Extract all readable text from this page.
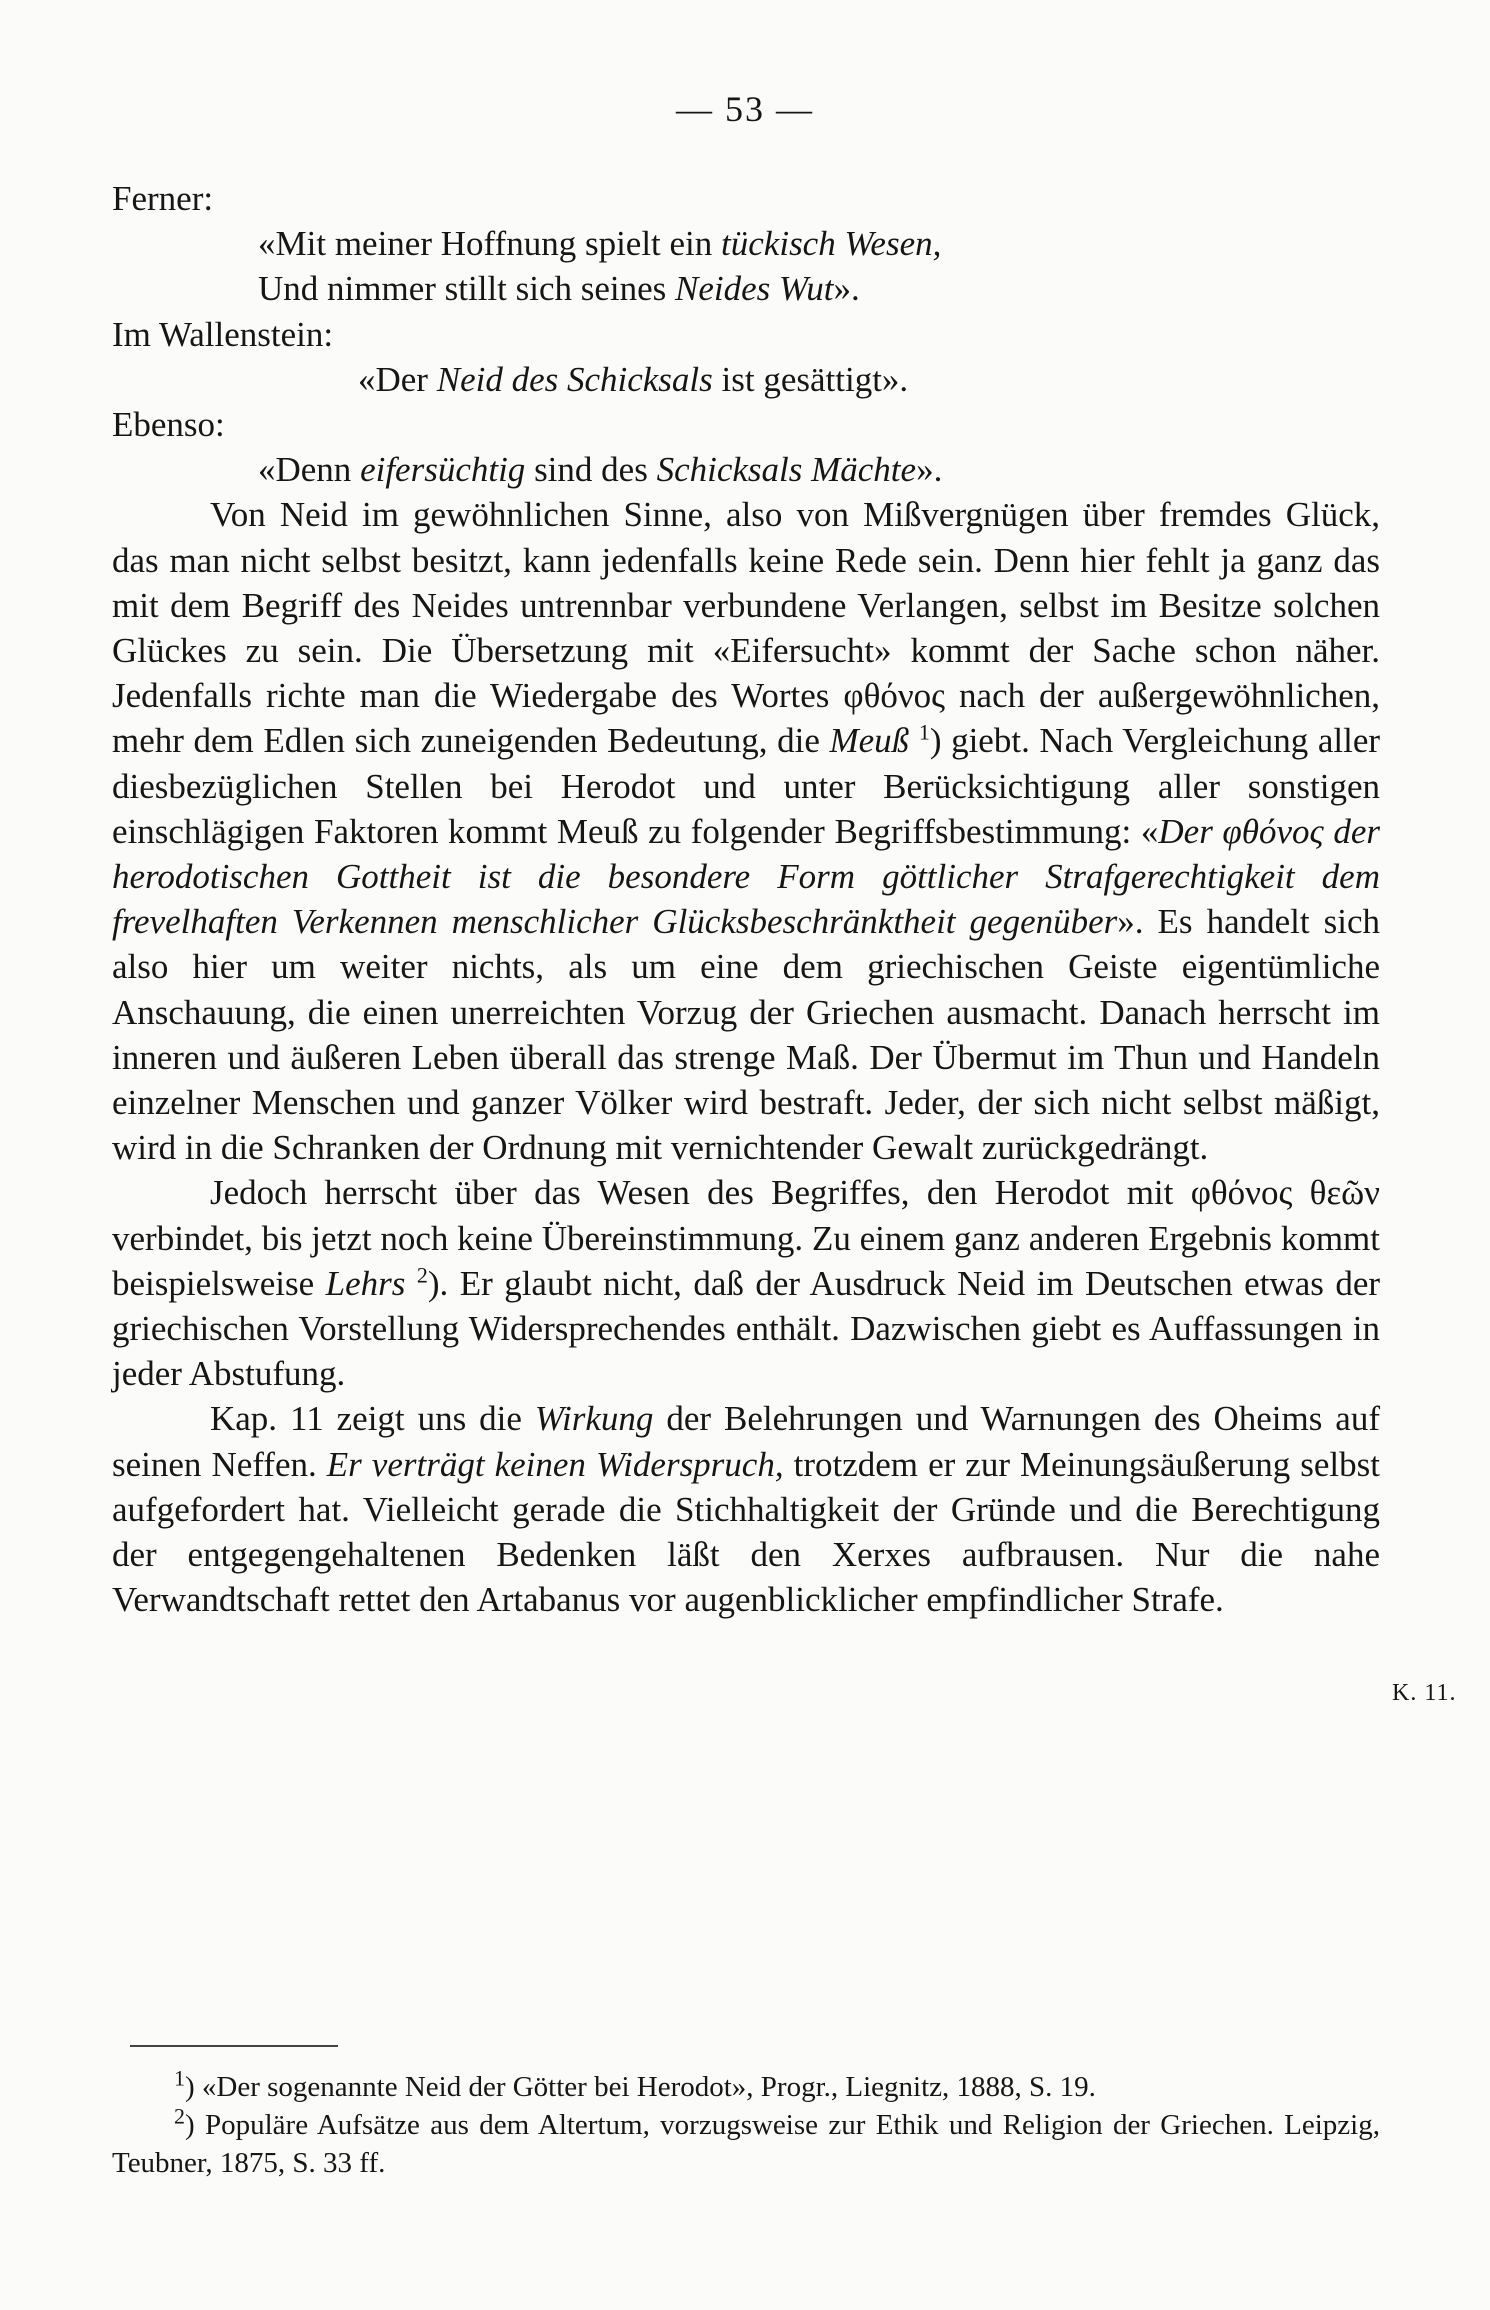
— 53 —

Ferner:

«Mit meiner Hoffnung spielt ein tückisch Wesen,

Und nimmer stillt sich seines Neides Wut».

Im Wallenstein:

«Der Neid des Schicksals ist gesättigt».

Ebenso:

«Denn eifersüchtig sind des Schicksals Mächte».

Von Neid im gewöhnlichen Sinne, also von Mißvergnügen über fremdes Glück, das man nicht selbst besitzt, kann jedenfalls keine Rede sein. Denn hier fehlt ja ganz das mit dem Begriff des Neides untrennbar verbundene Verlangen, selbst im Besitze solchen Glückes zu sein. Die Übersetzung mit «Eifersucht» kommt der Sache schon näher. Jedenfalls richte man die Wiedergabe des Wortes φθόνος nach der außergewöhnlichen, mehr dem Edlen sich zuneigenden Bedeutung, die Meuß $^1$) giebt. Nach Vergleichung aller diesbezüglichen Stellen bei Herodot und unter Berücksichtigung aller sonstigen einschlägigen Faktoren kommt Meuß zu folgender Begriffsbestimmung: «Der φθόνος der herodotischen Gottheit ist die besondere Form göttlicher Strafgerechtigkeit dem frevelhaften Verkennen menschlicher Glücksbeschränktheit gegenüber». Es handelt sich also hier um weiter nichts, als um eine dem griechischen Geiste eigentümliche Anschauung, die einen unerreichten Vorzug der Griechen ausmacht. Danach herrscht im inneren und äußeren Leben überall das strenge Maß. Der Übermut im Thun und Handeln einzelner Menschen und ganzer Völker wird bestraft. Jeder, der sich nicht selbst mäßigt, wird in die Schranken der Ordnung mit vernichtender Gewalt zurückgedrängt.

Jedoch herrscht über das Wesen des Begriffes, den Herodot mit φθόνος θεῶν verbindet, bis jetzt noch keine Übereinstimmung. Zu einem ganz anderen Ergebnis kommt beispielsweise Lehrs $^2$). Er glaubt nicht, daß der Ausdruck Neid im Deutschen etwas der griechischen Vorstellung Widersprechendes enthält. Dazwischen giebt es Auffassungen in jeder Abstufung.

Kap. 11 zeigt uns die Wirkung der Belehrungen und Warnungen des Oheims auf seinen Neffen. Er verträgt keinen Widerspruch, trotzdem er zur Meinungsäußerung selbst aufgefordert hat. Vielleicht gerade die Stichhaltigkeit der Gründe und die Berechtigung der entgegengehaltenen Bedenken läßt den Xerxes aufbrausen. Nur die nahe Verwandtschaft rettet den Artabanus vor augenblicklicher empfindlicher Strafe.

K. 11.

$^1$) «Der sogenannte Neid der Götter bei Herodot», Progr., Liegnitz, 1888, S. 19.

$^2$) Populäre Aufsätze aus dem Altertum, vorzugsweise zur Ethik und Religion der Griechen. Leipzig, Teubner, 1875, S. 33 ff.
